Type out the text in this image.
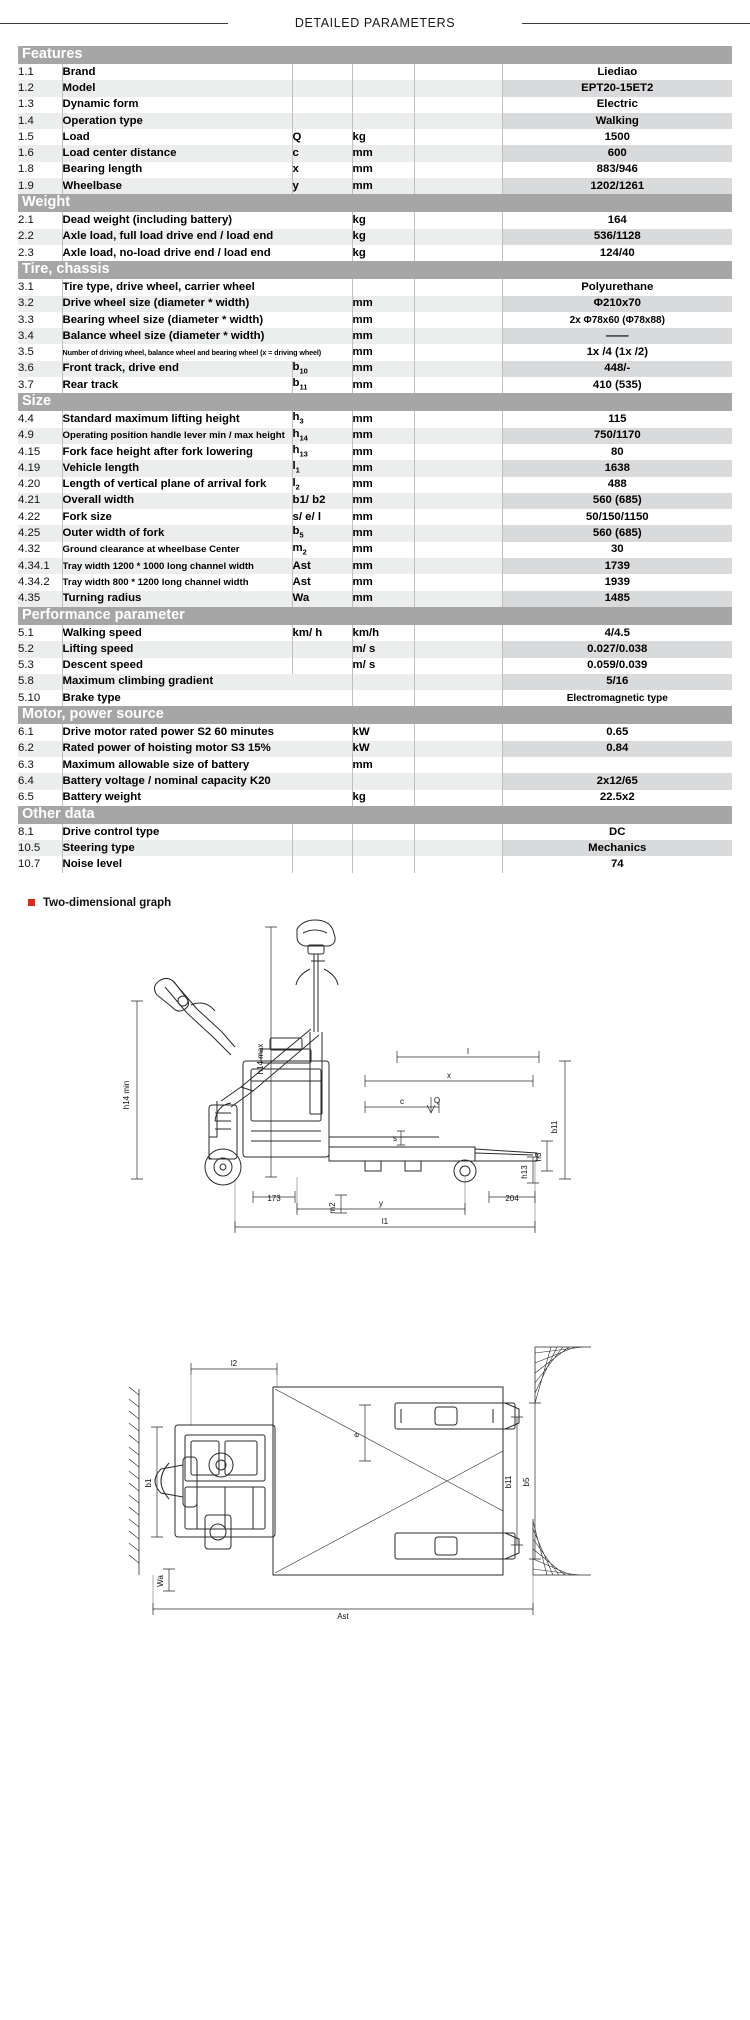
DETAILED PARAMETERS
Features					
1.1	Brand				Liediao
1.2	Model				EPT20-15ET2
1.3	Dynamic form				Electric
1.4	Operation type				Walking
1.5	Load	Q	kg		1500
1.6	Load center distance	c	mm		600
1.8	Bearing length	x	mm		883/946
1.9	Wheelbase	y	mm		1202/1261
Weight					
2.1	Dead weight (including battery)		kg		164
2.2	Axle load, full load drive end / load end		kg		536/1128
2.3	Axle load, no-load drive end / load end		kg		124/40
Tire, chassis					
3.1	Tire type, drive wheel, carrier wheel				Polyurethane
3.2	Drive wheel size (diameter * width)		mm		Φ210x70
3.3	Bearing wheel size (diameter * width)		mm		2x Φ78x60 (Φ78x88)
3.4	Balance wheel size (diameter * width)		mm		——
3.5	Number of driving wheel, balance wheel and bearing wheel (x = driving wheel)		mm		1x /4 (1x /2)
3.6	Front track, drive end	$b_{10}$	mm		448/-
3.7	Rear track	$b_{11}$	mm		410 (535)
Size					
4.4	Standard maximum lifting height	$h_3$	mm		115
4.9	Operating position handle lever min / max height	$h_{14}$	mm		750/1170
4.15	Fork face height after fork lowering	$h_{13}$	mm		80
4.19	Vehicle length	$l_1$	mm		1638
4.20	Length of vertical plane of arrival fork	$l_2$	mm		488
4.21	Overall width	b1/ b2	mm		560 (685)
4.22	Fork size	s/ e/ l	mm		50/150/1150
4.25	Outer width of fork	$b_5$	mm		560 (685)
4.32	Ground clearance at wheelbase Center	$m_2$	mm		30
4.34.1	Tray width 1200 * 1000 long channel width	Ast	mm		1739
4.34.2	Tray width 800 * 1200 long channel width	Ast	mm		1939
4.35	Turning radius	Wa	mm		1485
Performance parameter					
5.1	Walking speed	km/ h	km/h		4/4.5
5.2	Lifting speed		m/ s		0.027/0.038
5.3	Descent speed		m/ s		0.059/0.039
5.8	Maximum climbing gradient				5/16
5.10	Brake type				Electromagnetic type
Motor, power source					
6.1	Drive motor rated power S2 60 minutes		kW		0.65
6.2	Rated power of hoisting motor S3 15%		kW		0.84
6.3	Maximum allowable size of battery		mm		
6.4	Battery voltage / nominal capacity K20				2x12/65
6.5	Battery weight		kg		22.5x2
Other data					
8.1	Drive control type				DC
10.5	Steering type				Mechanics
10.7	Noise level				74
Two-dimensional graph
h14 max
h14 min
l
x
c	Q
s
b11
h3
h13
173
y
m2
204
l1
l2
e
b1	b11 b5
Wa
Ast
